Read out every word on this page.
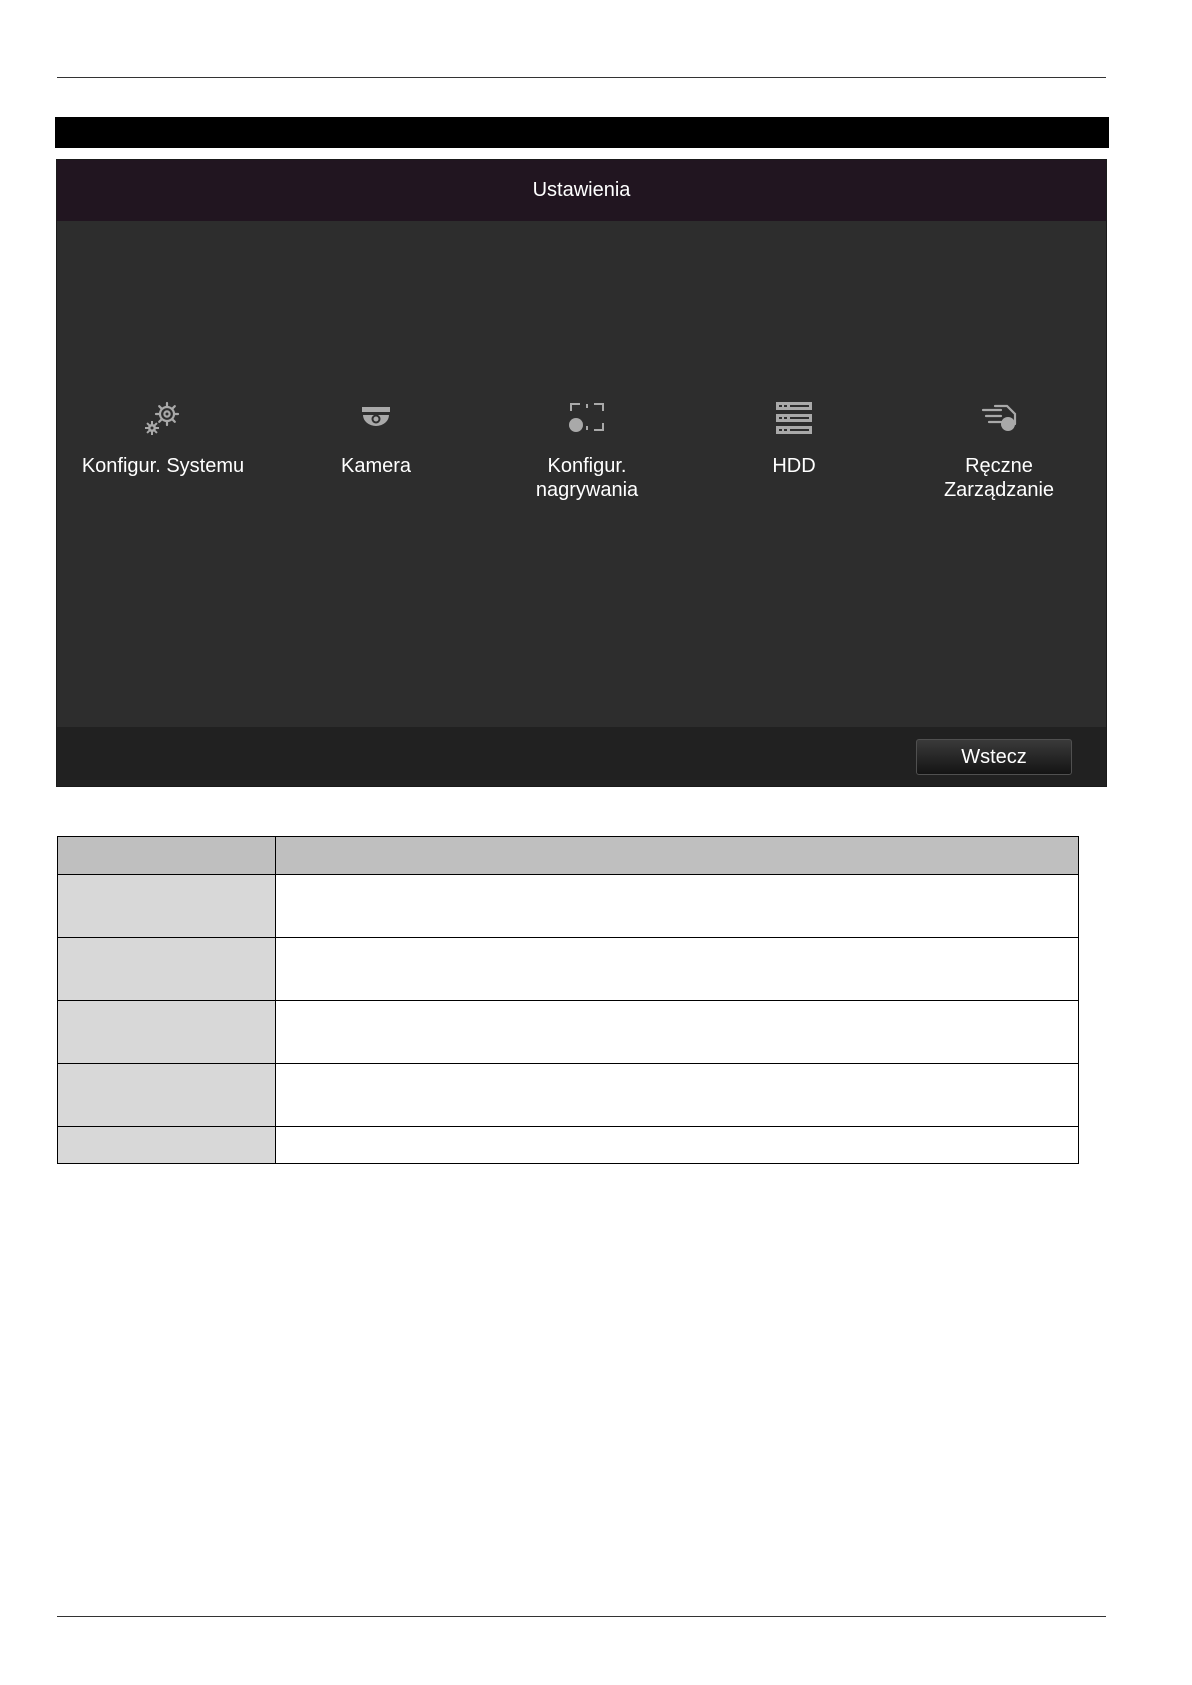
Ustawienia
Konfigur. Systemu	Kamera	Konfigur.
nagrywania
HDD	Ręczne
Zarządzanie
Wstecz
